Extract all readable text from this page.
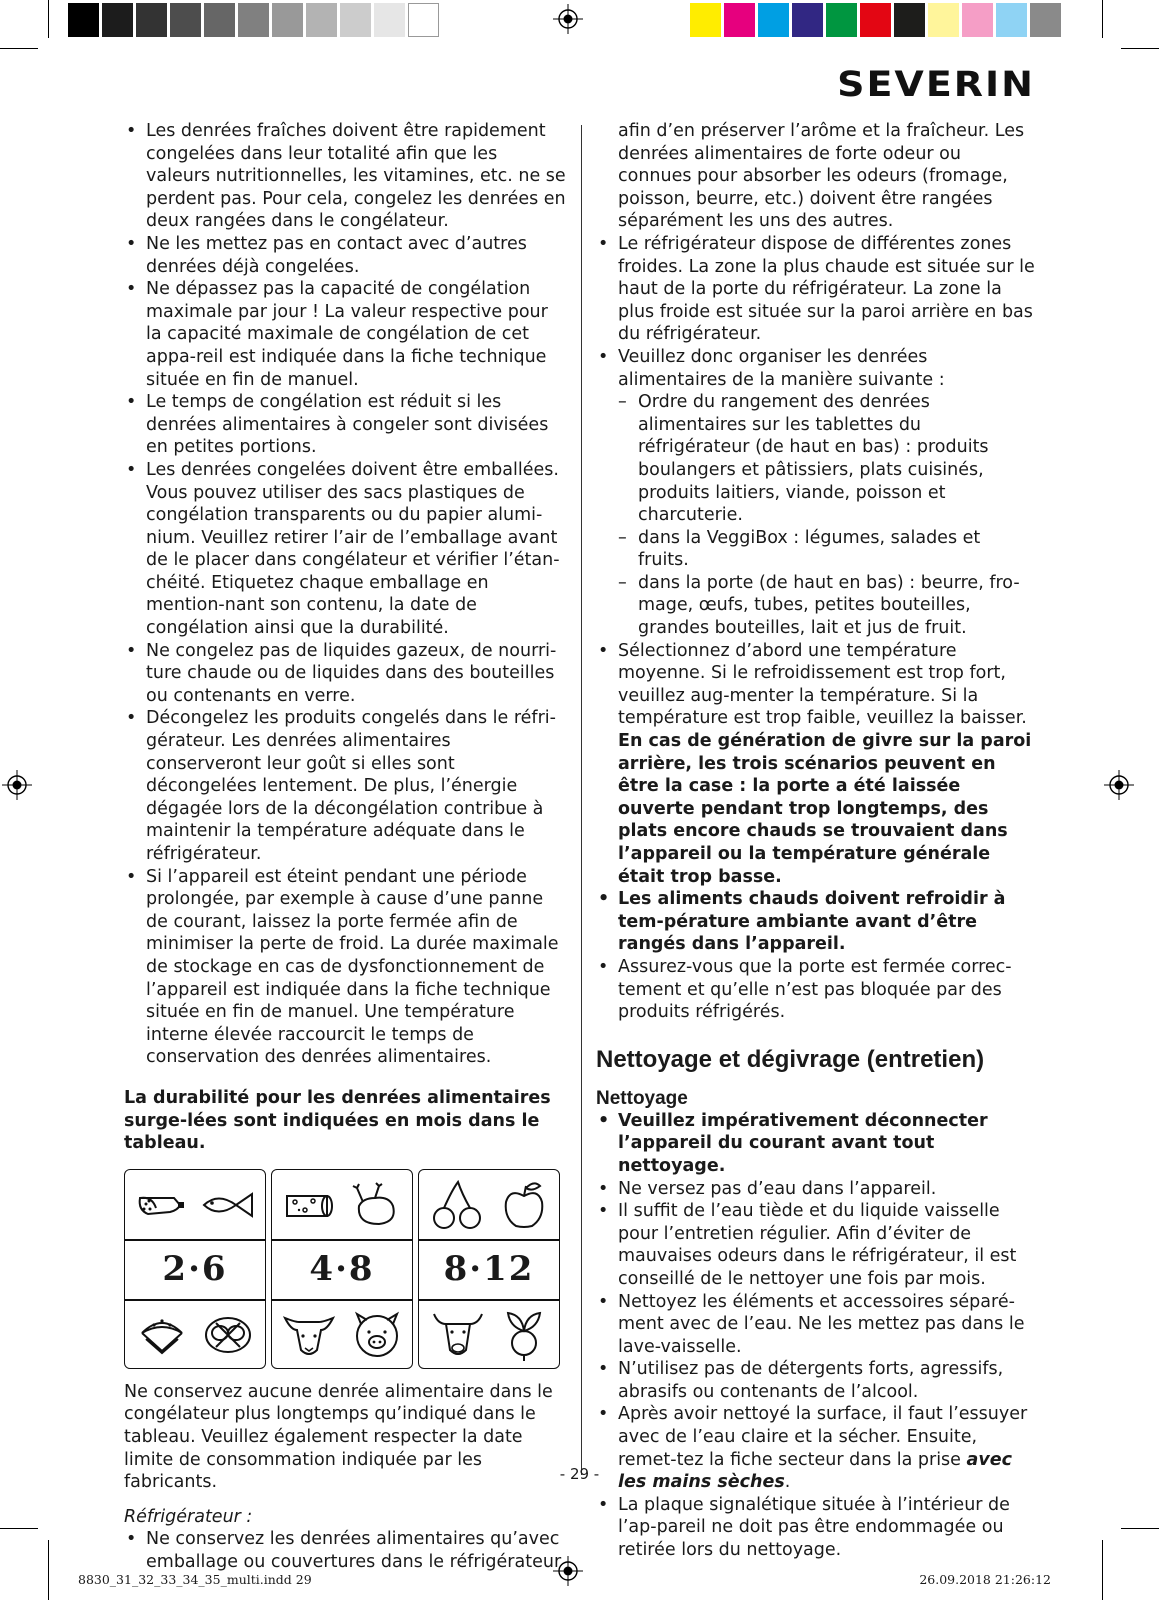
SEVERIN
• Les denrées fraîches doivent être rapidement congelées dans leur totalité afin que les valeurs nutritionnelles, les vitamines, etc. ne se perdent pas. Pour cela, congelez les denrées en deux rangées dans le congélateur.
• Ne les mettez pas en contact avec d’autres denrées déjà congelées.
• Ne dépassez pas la capacité de congélation maximale par jour ! La valeur respective pour la capacité maximale de congélation de cet appa-reil est indiquée dans la fiche technique située en fin de manuel.
• Le temps de congélation est réduit si les denrées alimentaires à congeler sont divisées en petites portions.
• Les denrées congelées doivent être emballées. Vous pouvez utiliser des sacs plastiques de congélation transparents ou du papier alumi-nium. Veuillez retirer l’air de l’emballage avant de le placer dans congélateur et vérifier l’étan-chéité. Etiquetez chaque emballage en mention-nant son contenu, la date de congélation ainsi que la durabilité.
• Ne congelez pas de liquides gazeux, de nourri-ture chaude ou de liquides dans des bouteilles ou contenants en verre.
• Décongelez les produits congelés dans le réfri-gérateur. Les denrées alimentaires conserveront leur goût si elles sont décongelées lentement. De plus, l’énergie dégagée lors de la décongélation contribue à maintenir la température adéquate dans le réfrigérateur.
• Si l’appareil est éteint pendant une période prolongée, par exemple à cause d’une panne de courant, laissez la porte fermée afin de minimiser la perte de froid. La durée maximale de stockage en cas de dysfonctionnement de l’appareil est indiquée dans la fiche technique située en fin de manuel. Une température interne élevée raccourcit le temps de conservation des denrées alimentaires.

La durabilité pour les denrées alimentaires surge-lées sont indiquées en mois dans le tableau.

2·6	4·8	8·12

Ne conservez aucune denrée alimentaire dans le congélateur plus longtemps qu’indiqué dans le tableau. Veuillez également respecter la date limite de consommation indiquée par les fabricants.

Réfrigérateur :

• Ne conservez les denrées alimentaires qu’avec emballage ou couvertures dans le réfrigérateur
afin d’en préserver l’arôme et la fraîcheur. Les denrées alimentaires de forte odeur ou connues pour absorber les odeurs (fromage, poisson, beurre, etc.) doivent être rangées séparément les uns des autres.
• Le réfrigérateur dispose de différentes zones froides. La zone la plus chaude est située sur le haut de la porte du réfrigérateur. La zone la plus froide est située sur la paroi arrière en bas du réfrigérateur.
• Veuillez donc organiser les denrées alimentaires de la manière suivante :
– Ordre du rangement des denrées alimentaires sur les tablettes du réfrigérateur (de haut en bas) : produits boulangers et pâtissiers, plats cuisinés, produits laitiers, viande, poisson et charcuterie.
– dans la VeggiBox : légumes, salades et fruits.
– dans la porte (de haut en bas) : beurre, fro-mage, œufs, tubes, petites bouteilles, grandes bouteilles, lait et jus de fruit.
• Sélectionnez d’abord une température moyenne. Si le refroidissement est trop fort, veuillez aug-menter la température. Si la température est trop faible, veuillez la baisser.
En cas de génération de givre sur la paroi arrière, les trois scénarios peuvent en être la case : la porte a été laissée ouverte pendant trop longtemps, des plats encore chauds se trouvaient dans l’appareil ou la température générale était trop basse.
• Les aliments chauds doivent refroidir à tem-pérature ambiante avant d’être rangés dans l’appareil.
• Assurez-vous que la porte est fermée correc-tement et qu’elle n’est pas bloquée par des produits réfrigérés.
Nettoyage et dégivrage (entretien)
Nettoyage
• Veuillez impérativement déconnecter l’appareil du courant avant tout nettoyage.
• Ne versez pas d’eau dans l’appareil.
• Il suffit de l’eau tiède et du liquide vaisselle pour l’entretien régulier. Afin d’éviter de mauvaises odeurs dans le réfrigérateur, il est conseillé de le nettoyer une fois par mois.
• Nettoyez les éléments et accessoires séparé-ment avec de l’eau. Ne les mettez pas dans le lave-vaisselle.
• N’utilisez pas de détergents forts, agressifs, abrasifs ou contenants de l’alcool.
• Après avoir nettoyé la surface, il faut l’essuyer avec de l’eau claire et la sécher. Ensuite, remet-tez la fiche secteur dans la prise avec les mains sèches.
• La plaque signalétique située à l’intérieur de l’ap-pareil ne doit pas être endommagée ou retirée lors du nettoyage.
- 29 -
8830_31_32_33_34_35_multi.indd 29	26.09.2018 21:26:12
